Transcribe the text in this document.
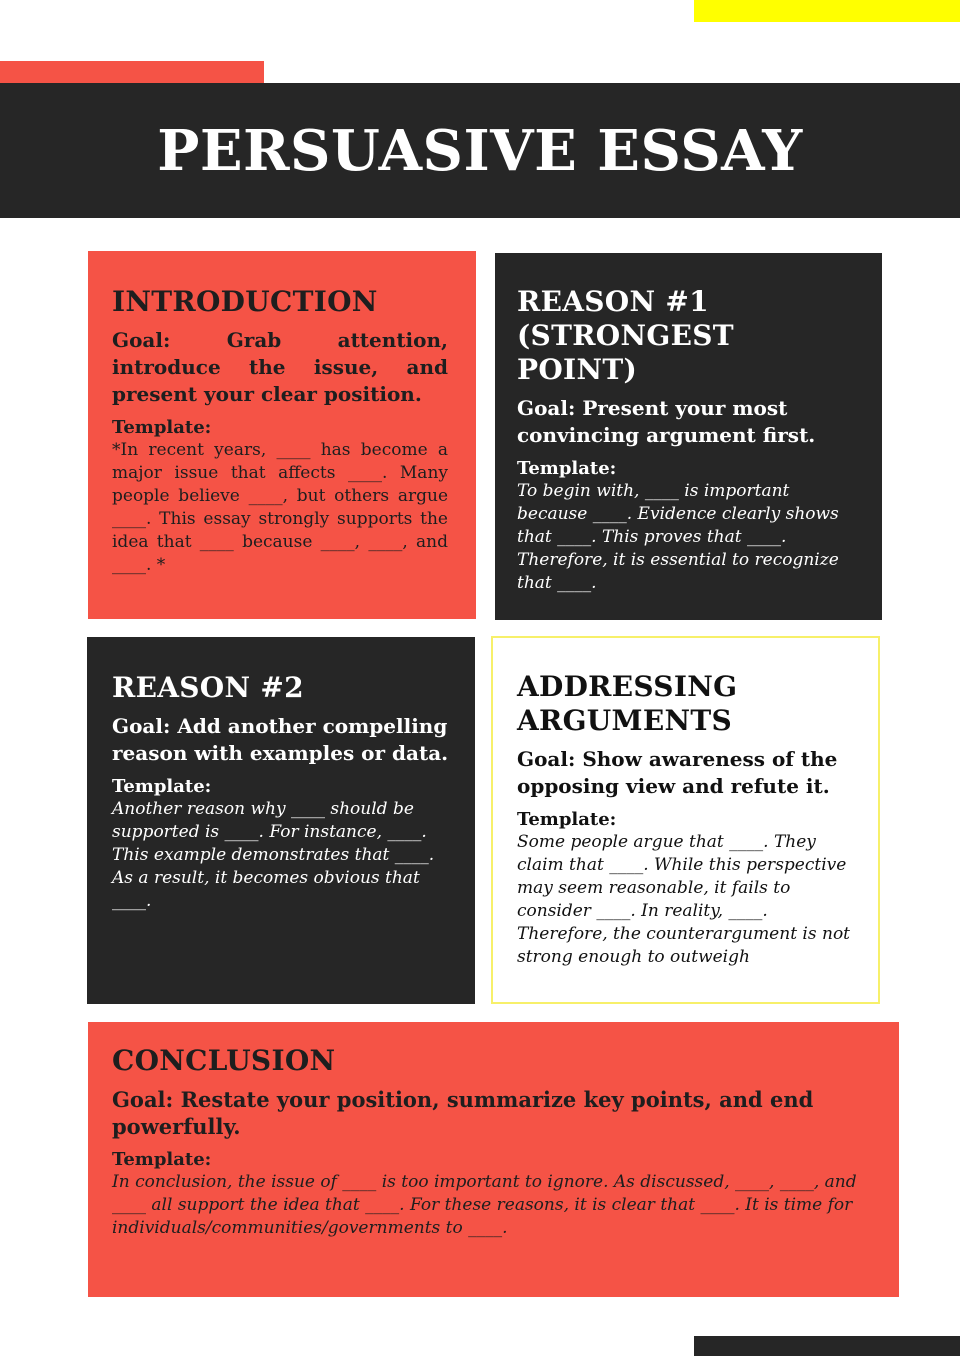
PERSUASIVE ESSAY
INTRODUCTION

Goal: Grab attention, introduce the issue, and present your clear position.

Template:

*In recent years, ____ has become a major issue that affects ____. Many people believe ____, but others argue ____. This essay strongly supports the idea that ____ because ____, ____, and ____. *

REASON #1
(STRONGEST POINT)

Goal: Present your most convincing argument first.

Template:

To begin with, ____ is important because ____. Evidence clearly shows that ____. This proves that ____. Therefore, it is essential to recognize that ____.

REASON #2

Goal: Add another compelling reason with examples or data.

Template:

Another reason why ____ should be supported is ____. For instance, ____. This example demonstrates that ____. As a result, it becomes obvious that ____.

ADDRESSING
ARGUMENTS

Goal: Show awareness of the opposing view and refute it.

Template:

Some people argue that ____. They claim that ____. While this perspective may seem reasonable, it fails to consider ____. In reality, ____. Therefore, the counterargument is not strong enough to outweigh

CONCLUSION

Goal: Restate your position, summarize key points, and end powerfully.

Template:

In conclusion, the issue of ____ is too important to ignore. As discussed, ____, ____, and ____ all support the idea that ____. For these reasons, it is clear that ____. It is time for individuals/communities/governments to ____.
